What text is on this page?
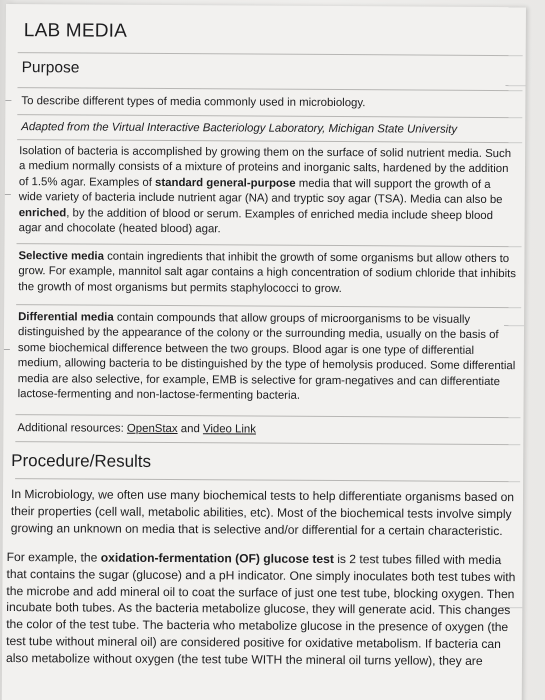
LAB MEDIA
Purpose

To describe different types of media commonly used in microbiology.

Adapted from the Virtual Interactive Bacteriology Laboratory, Michigan State University

Isolation of bacteria is accomplished by growing them on the surface of solid nutrient media. Such a medium normally consists of a mixture of proteins and inorganic salts, hardened by the addition of 1.5% agar. Examples of standard general-purpose media that will support the growth of a wide variety of bacteria include nutrient agar (NA) and tryptic soy agar (TSA). Media can also be enriched, by the addition of blood or serum. Examples of enriched media include sheep blood agar and chocolate (heated blood) agar.

Selective media contain ingredients that inhibit the growth of some organisms but allow others to grow. For example, mannitol salt agar contains a high concentration of sodium chloride that inhibits the growth of most organisms but permits staphylococci to grow.

Differential media contain compounds that allow groups of microorganisms to be visually distinguished by the appearance of the colony or the surrounding media, usually on the basis of some biochemical difference between the two groups. Blood agar is one type of differential medium, allowing bacteria to be distinguished by the type of hemolysis produced. Some differential media are also selective, for example, EMB is selective for gram-negatives and can differentiate lactose-fermenting and non-lactose-fermenting bacteria.

Additional resources: OpenStax and Video Link

Procedure/Results

In Microbiology, we often use many biochemical tests to help differentiate organisms based on their properties (cell wall, metabolic abilities, etc). Most of the biochemical tests involve simply growing an unknown on media that is selective and/or differential for a certain characteristic.

For example, the oxidation-fermentation (OF) glucose test is 2 test tubes filled with media that contains the sugar (glucose) and a pH indicator. One simply inoculates both test tubes with the microbe and add mineral oil to coat the surface of just one test tube, blocking oxygen. Then incubate both tubes. As the bacteria metabolize glucose, they will generate acid. This changes the color of the test tube. The bacteria who metabolize glucose in the presence of oxygen (the test tube without mineral oil) are considered positive for oxidative metabolism. If bacteria can also metabolize without oxygen (the test tube WITH the mineral oil turns yellow), they are
